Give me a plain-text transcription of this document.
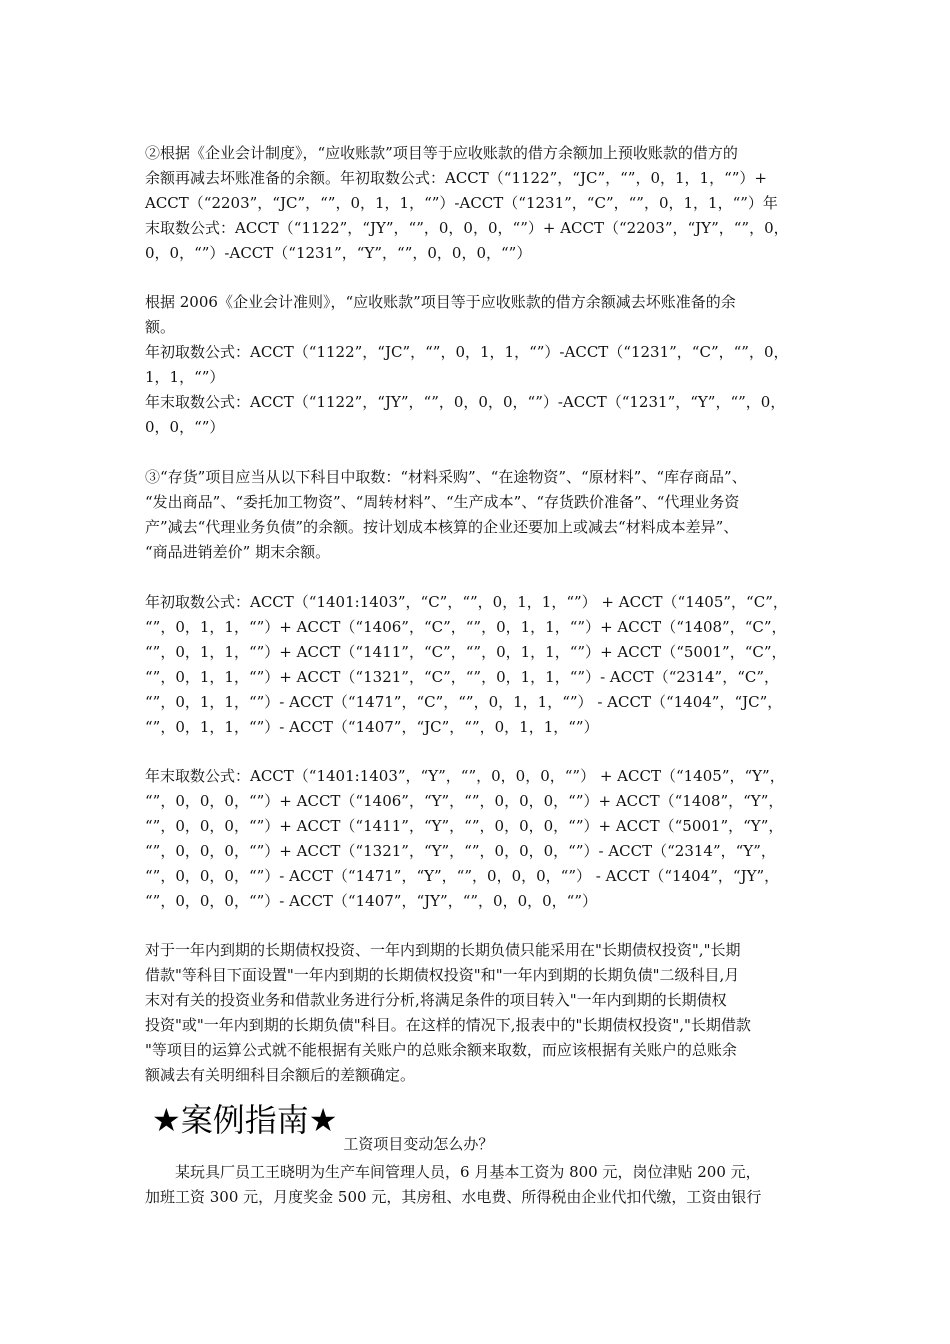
②根据《企业会计制度》，“应收账款”项目等于应收账款的借方余额加上预收账款的借方的
余额再减去坏账准备的余额。年初取数公式：ACCT（“1122”，“JC”，“”，0，1，1，“”）+
ACCT（“2203”，“JC”，“”，0，1，1，“”）-ACCT（“1231”，“C”，“”，0，1，1，“”）年
末取数公式：ACCT（“1122”，“JY”，“”，0，0，0，“”）+ ACCT（“2203”，“JY”，“”，0，
0，0，“”）-ACCT（“1231”，“Y”，“”，0，0，0，“”）

根据 2006《企业会计准则》，“应收账款”项目等于应收账款的借方余额减去坏账准备的余
额。

年初取数公式：ACCT（“1122”，“JC”，“”，0，1，1，“”）-ACCT（“1231”，“C”，“”，0，
1，1，“”）

年末取数公式：ACCT（“1122”，“JY”，“”，0，0，0，“”）-ACCT（“1231”，“Y”，“”，0，
0，0，“”）

③“存货”项目应当从以下科目中取数：“材料采购”、“在途物资”、“原材料”、“库存商品”、
“发出商品”、“委托加工物资”、“周转材料”、“生产成本”、“存货跌价准备”、“代理业务资
产”减去“代理业务负债”的余额。按计划成本核算的企业还要加上或减去“材料成本差异”、
“商品进销差价” 期末余额。

年初取数公式：ACCT（“1401:1403”，“C”，“”，0，1，1，“”） + ACCT（“1405”，“C”，
“”，0，1，1，“”）+ ACCT（“1406”，“C”，“”，0，1，1，“”）+ ACCT（“1408”，“C”，
“”，0，1，1，“”）+ ACCT（“1411”，“C”，“”，0，1，1，“”）+ ACCT（“5001”，“C”，
“”，0，1，1，“”）+ ACCT（“1321”，“C”，“”，0，1，1，“”）- ACCT（“2314”，“C”，
“”，0，1，1，“”）- ACCT（“1471”，“C”，“”，0，1，1，“”） - ACCT（“1404”，“JC”，
“”，0，1，1，“”）- ACCT（“1407”，“JC”，“”，0，1，1，“”）

年末取数公式：ACCT（“1401:1403”，“Y”，“”，0，0，0，“”） + ACCT（“1405”，“Y”，
“”，0，0，0，“”）+ ACCT（“1406”，“Y”，“”，0，0，0，“”）+ ACCT（“1408”，“Y”，
“”，0，0，0，“”）+ ACCT（“1411”，“Y”，“”，0，0，0，“”）+ ACCT（“5001”，“Y”，
“”，0，0，0，“”）+ ACCT（“1321”，“Y”，“”，0，0，0，“”）- ACCT（“2314”，“Y”，
“”，0，0，0，“”）- ACCT（“1471”，“Y”，“”，0，0，0，“”） - ACCT（“1404”，“JY”，
“”，0，0，0，“”）- ACCT（“1407”，“JY”，“”，0，0，0，“”）

对于一年内到期的长期债权投资、一年内到期的长期负债只能采用在"长期债权投资","长期
借款"等科目下面设置"一年内到期的长期债权投资"和"一年内到期的长期负债"二级科目,月
末对有关的投资业务和借款业务进行分析,将满足条件的项目转入"一年内到期的长期债权
投资"或"一年内到期的长期负债"科目。在这样的情况下,报表中的"长期债权投资","长期借款
"等项目的运算公式就不能根据有关账户的总账余额来取数，而应该根据有关账户的总账余
额减去有关明细科目余额后的差额确定。

★案例指南★
工资项目变动怎么办？

某玩具厂员工王晓明为生产车间管理人员，6 月基本工资为 800 元，岗位津贴 200 元，
加班工资 300 元，月度奖金 500 元，其房租、水电费、所得税由企业代扣代缴，工资由银行
